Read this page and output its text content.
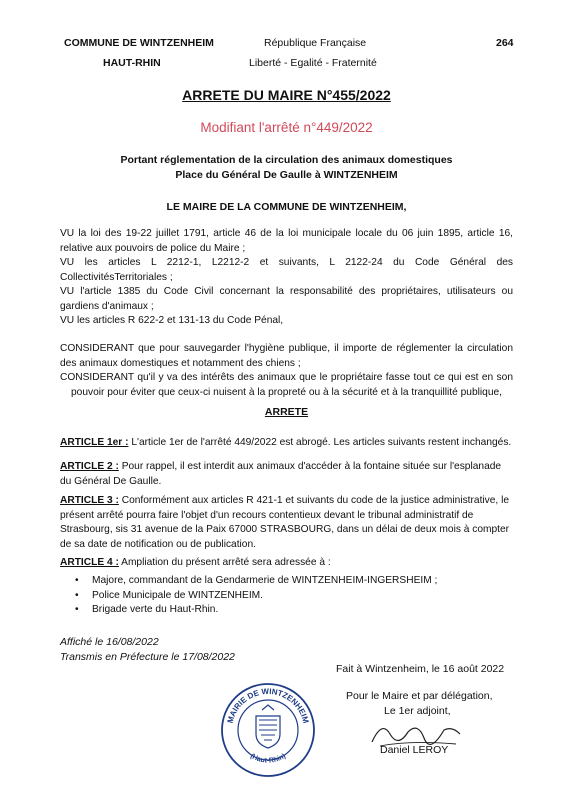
COMMUNE DE WINTZENHEIM
HAUT-RHIN
République Française
Liberté - Egalité - Fraternité
264
ARRETE DU MAIRE N°455/2022
Modifiant l'arrêté n°449/2022
Portant réglementation de la circulation des animaux domestiques
Place du Général De Gaulle à WINTZENHEIM
LE MAIRE DE LA COMMUNE DE WINTZENHEIM,
VU la loi des 19-22 juillet 1791, article 46 de la loi municipale locale du 06 juin 1895, article 16, relative aux pouvoirs de police du Maire ;
VU les articles L 2212-1, L2212-2 et suivants, L 2122-24 du Code Général des CollectivitésTerritoriales ;
VU l'article 1385 du Code Civil concernant la responsabilité des propriétaires, utilisateurs ou gardiens d'animaux ;
VU les articles R 622-2 et 131-13 du Code Pénal,
CONSIDERANT que pour sauvegarder l'hygiène publique, il importe de réglementer la circulation des animaux domestiques et notamment des chiens ;
CONSIDERANT qu'il y va des intérêts des animaux que le propriétaire fasse tout ce qui est en son pouvoir pour éviter que ceux-ci nuisent à la propreté ou à la sécurité et à la tranquillité publique,
ARRETE
ARTICLE 1er : L'article 1er de l'arrêté 449/2022 est abrogé. Les articles suivants restent inchangés.
ARTICLE 2 : Pour rappel, il est interdit aux animaux d'accéder à la fontaine située sur l'esplanade du Général De Gaulle.
ARTICLE 3 : Conformément aux articles R 421-1 et suivants du code de la justice administrative, le présent arrêté pourra faire l'objet d'un recours contentieux devant le tribunal administratif de Strasbourg, sis 31 avenue de la Paix 67000 STRASBOURG, dans un délai de deux mois à compter de sa date de notification ou de publication.
ARTICLE 4 : Ampliation du présent arrêté sera adressée à :
• Majore, commandant de la Gendarmerie de WINTZENHEIM-INGERSHEIM ;
• Police Municipale de WINTZENHEIM.
• Brigade verte du Haut-Rhin.
Affiché le 16/08/2022
Transmis en Préfecture le 17/08/2022
Fait à Wintzenheim, le 16 août 2022
MAIRIE DE WINTZENHEIM
(Haut-Rhin)
Pour le Maire et par délégation,
Le 1er adjoint,
Daniel LEROY
